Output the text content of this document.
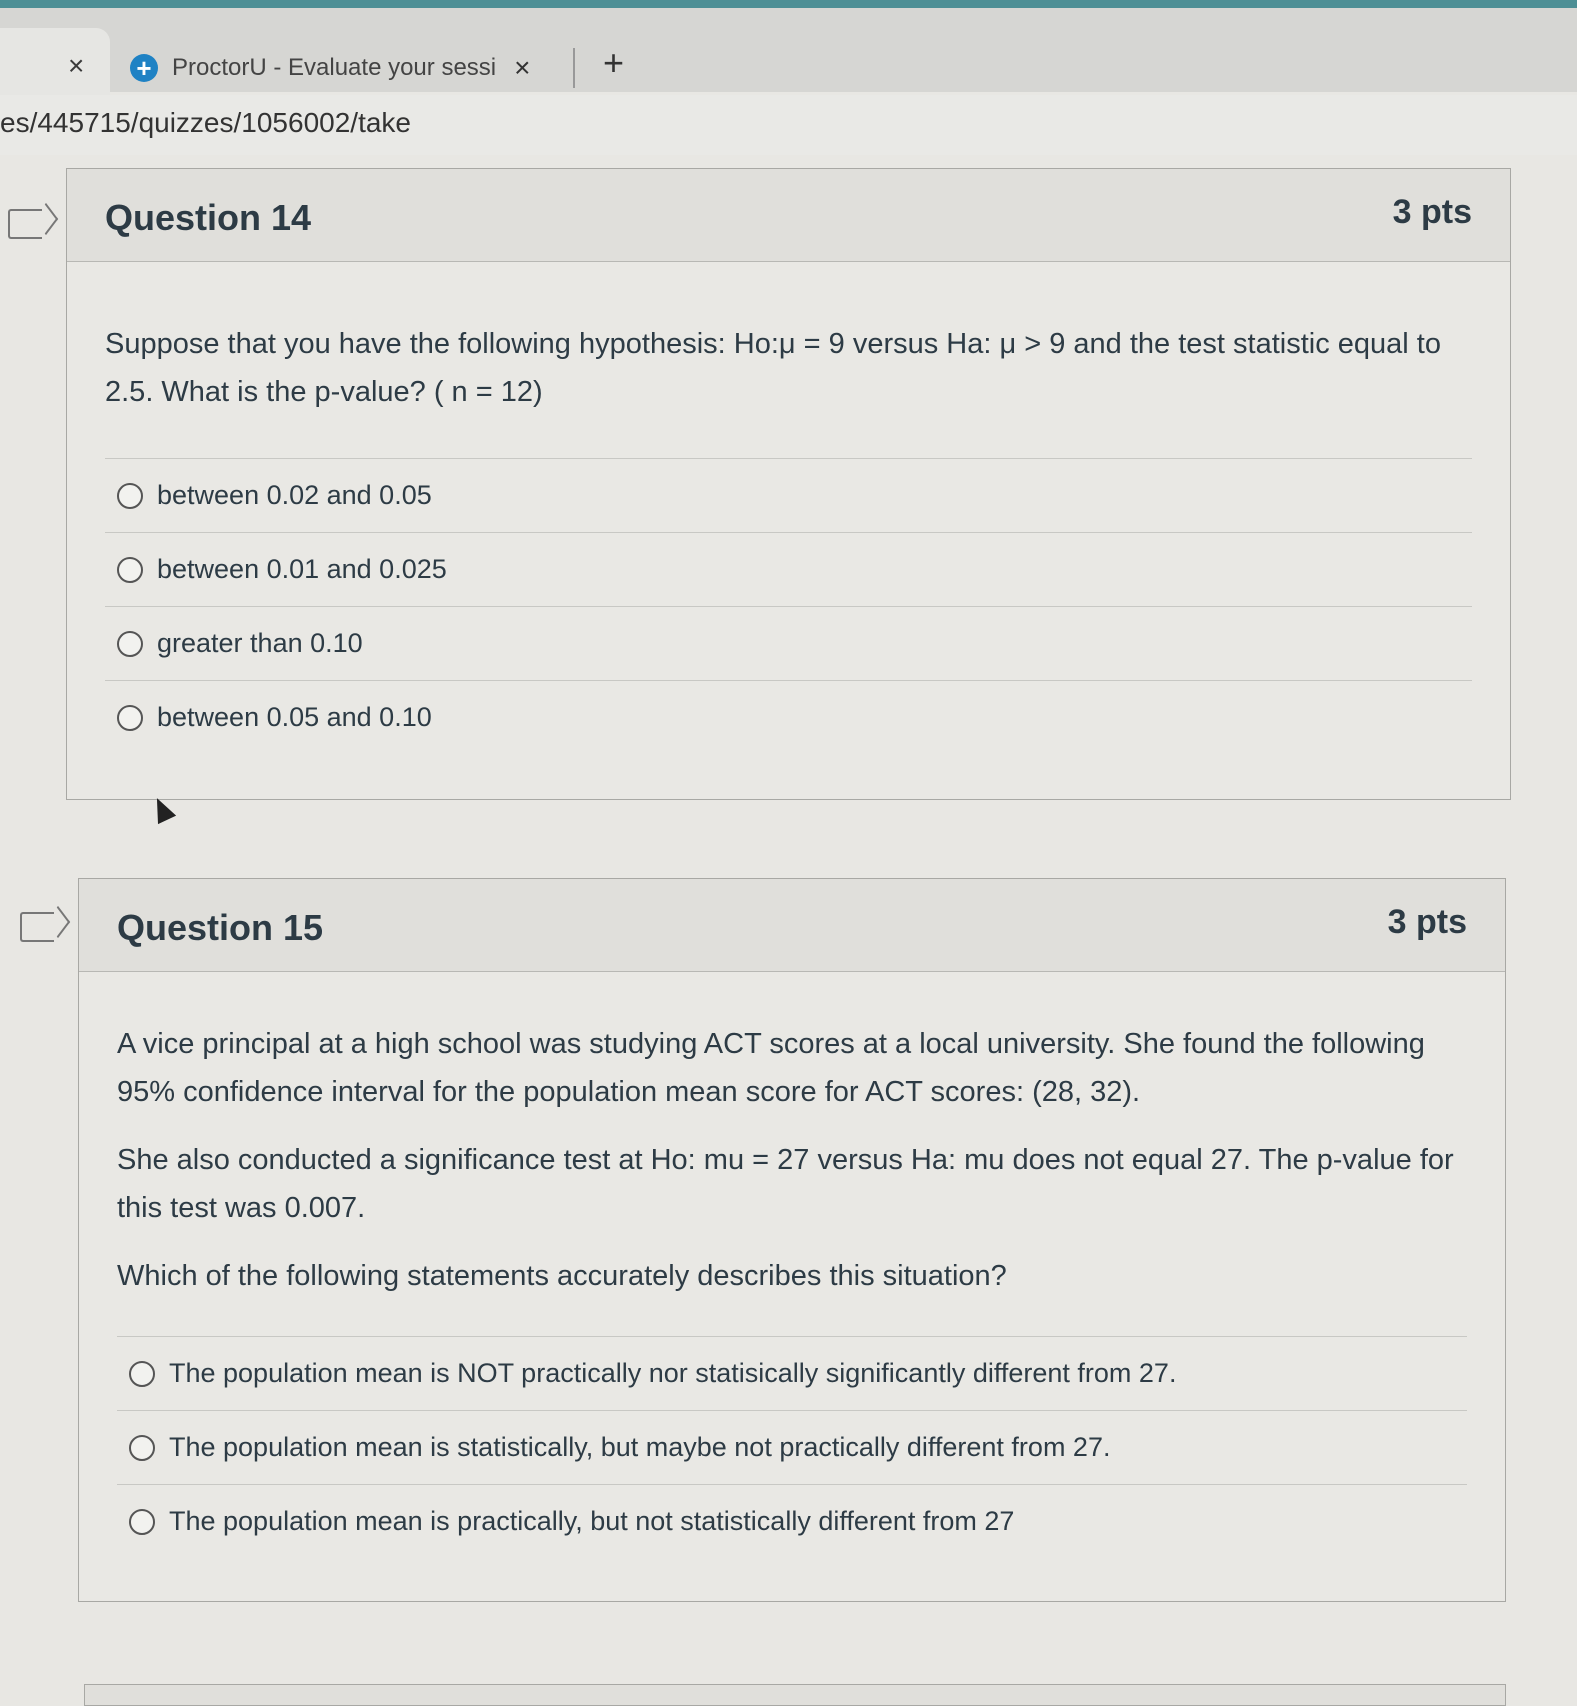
× + ProctorU - Evaluate your sessi × +
es/445715/quizzes/1056002/take
Question 14	3 pts

Suppose that you have the following hypothesis: Ho:μ = 9 versus Ha: μ > 9 and the test statistic equal to 2.5. What is the p-value? ( n = 12)

between 0.02 and 0.05
between 0.01 and 0.025
greater than 0.10
between 0.05 and 0.10
Question 15	3 pts

A vice principal at a high school was studying ACT scores at a local university. She found the following 95% confidence interval for the population mean score for ACT scores: (28, 32).

She also conducted a significance test at Ho: mu = 27 versus Ha: mu does not equal 27. The p-value for this test was 0.007.

Which of the following statements accurately describes this situation?

The population mean is NOT practically nor statisically significantly different from 27.
The population mean is statistically, but maybe not practically different from 27.
The population mean is practically, but not statistically different from 27
